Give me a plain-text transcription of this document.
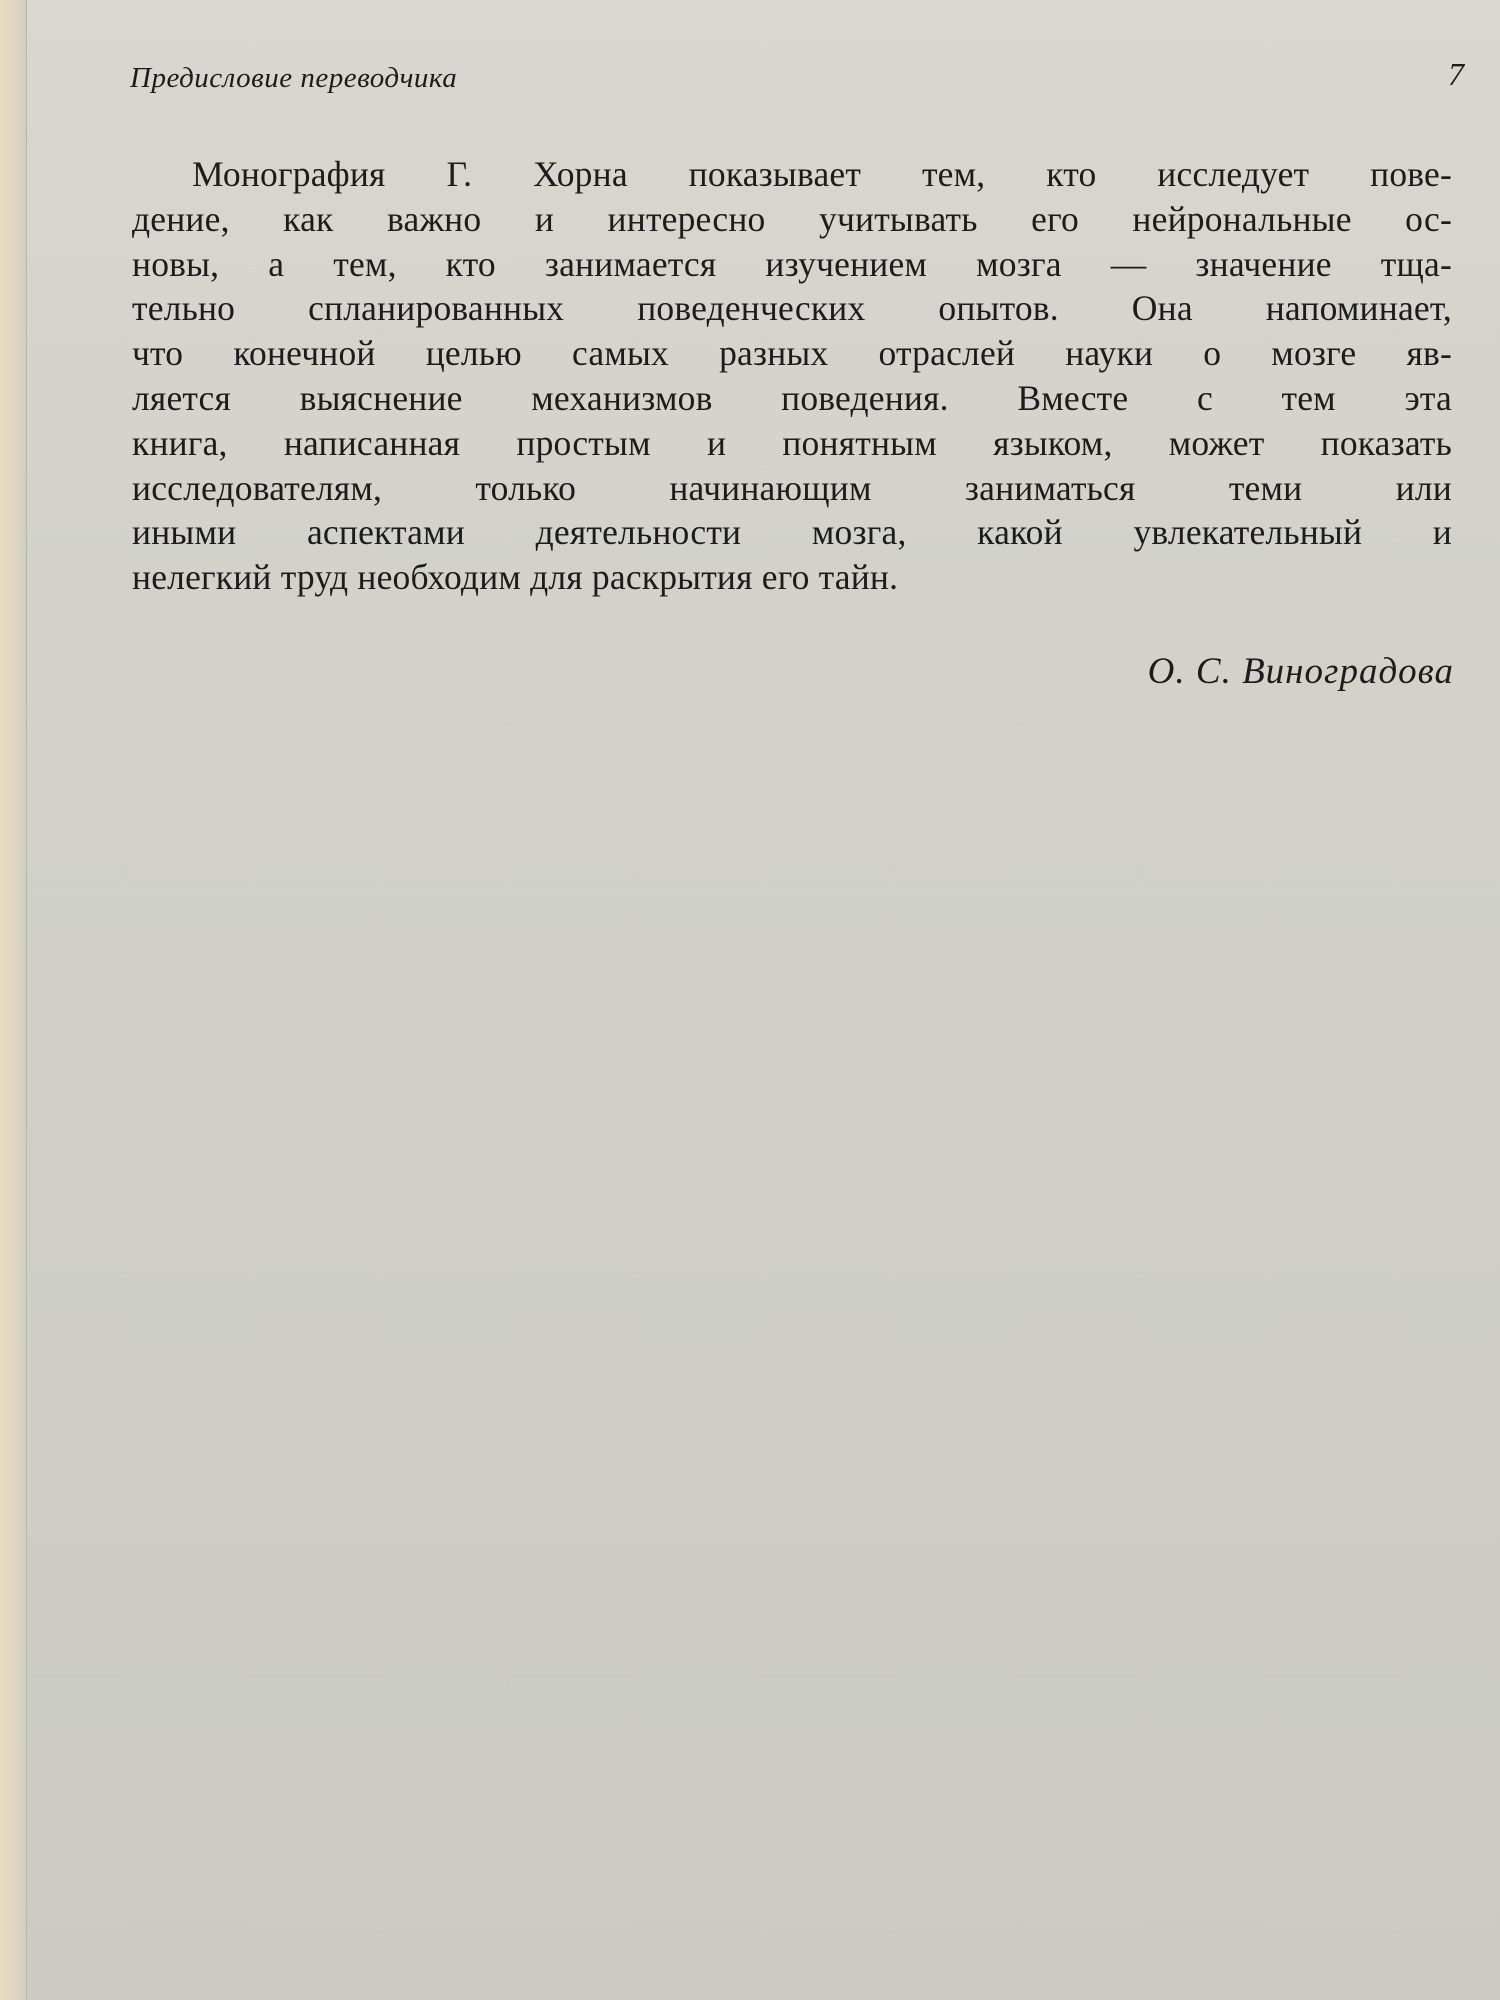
Предисловие переводчика	7
Монография Г. Хорна показывает тем, кто исследует пове-
дение, как важно и интересно учитывать его нейрональные ос-
новы, а тем, кто занимается изучением мозга — значение тща-
тельно спланированных поведенческих опытов. Она напоминает,
что конечной целью самых разных отраслей науки о мозге яв-
ляется выяснение механизмов поведения. Вместе с тем эта
книга, написанная простым и понятным языком, может показать
исследователям, только начинающим заниматься теми или
иными аспектами деятельности мозга, какой увлекательный и
нелегкий труд необходим для раскрытия его тайн.
О. С. Виноградова
